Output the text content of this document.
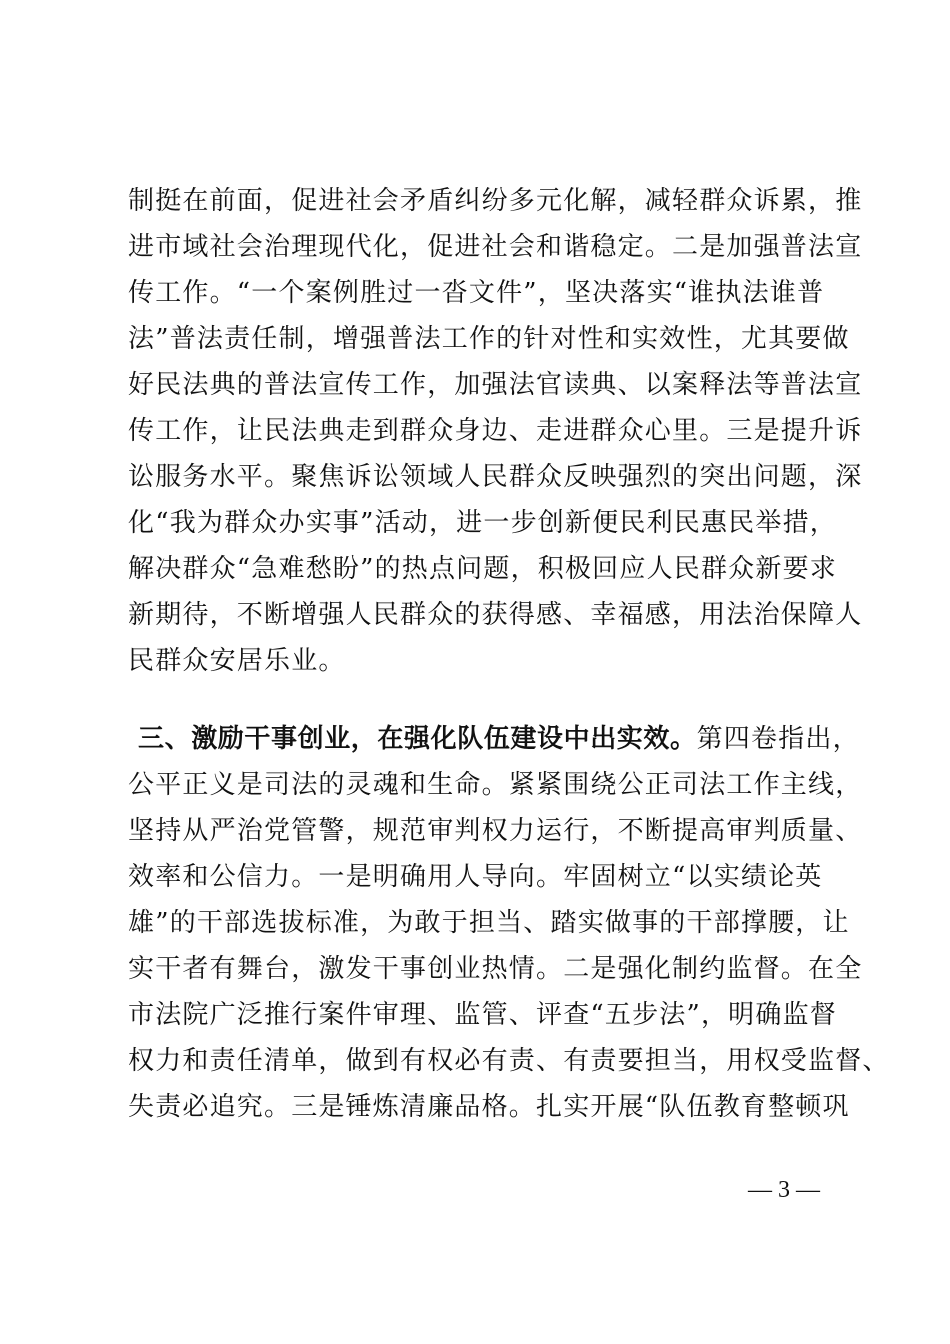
制挺在前面，促进社会矛盾纠纷多元化解，减轻群众诉累，推
进市域社会治理现代化，促进社会和谐稳定。二是加强普法宣
传工作。“一个案例胜过一沓文件”，坚决落实“谁执法谁普
法”普法责任制，增强普法工作的针对性和实效性，尤其要做
好民法典的普法宣传工作，加强法官读典、以案释法等普法宣
传工作，让民法典走到群众身边、走进群众心里。三是提升诉
讼服务水平。聚焦诉讼领域人民群众反映强烈的突出问题，深
化“我为群众办实事”活动，进一步创新便民利民惠民举措，
解决群众“急难愁盼”的热点问题，积极回应人民群众新要求
新期待，不断增强人民群众的获得感、幸福感，用法治保障人
民群众安居乐业。
三、激励干事创业，在强化队伍建设中出实效。第四卷指出，
公平正义是司法的灵魂和生命。紧紧围绕公正司法工作主线，
坚持从严治党管警，规范审判权力运行，不断提高审判质量、
效率和公信力。一是明确用人导向。牢固树立“以实绩论英
雄”的干部选拔标准，为敢于担当、踏实做事的干部撑腰，让
实干者有舞台，激发干事创业热情。二是强化制约监督。在全
市法院广泛推行案件审理、监管、评查“五步法”，明确监督
权力和责任清单，做到有权必有责、有责要担当，用权受监督、
失责必追究。三是锤炼清廉品格。扎实开展“队伍教育整顿巩
— 3 —
